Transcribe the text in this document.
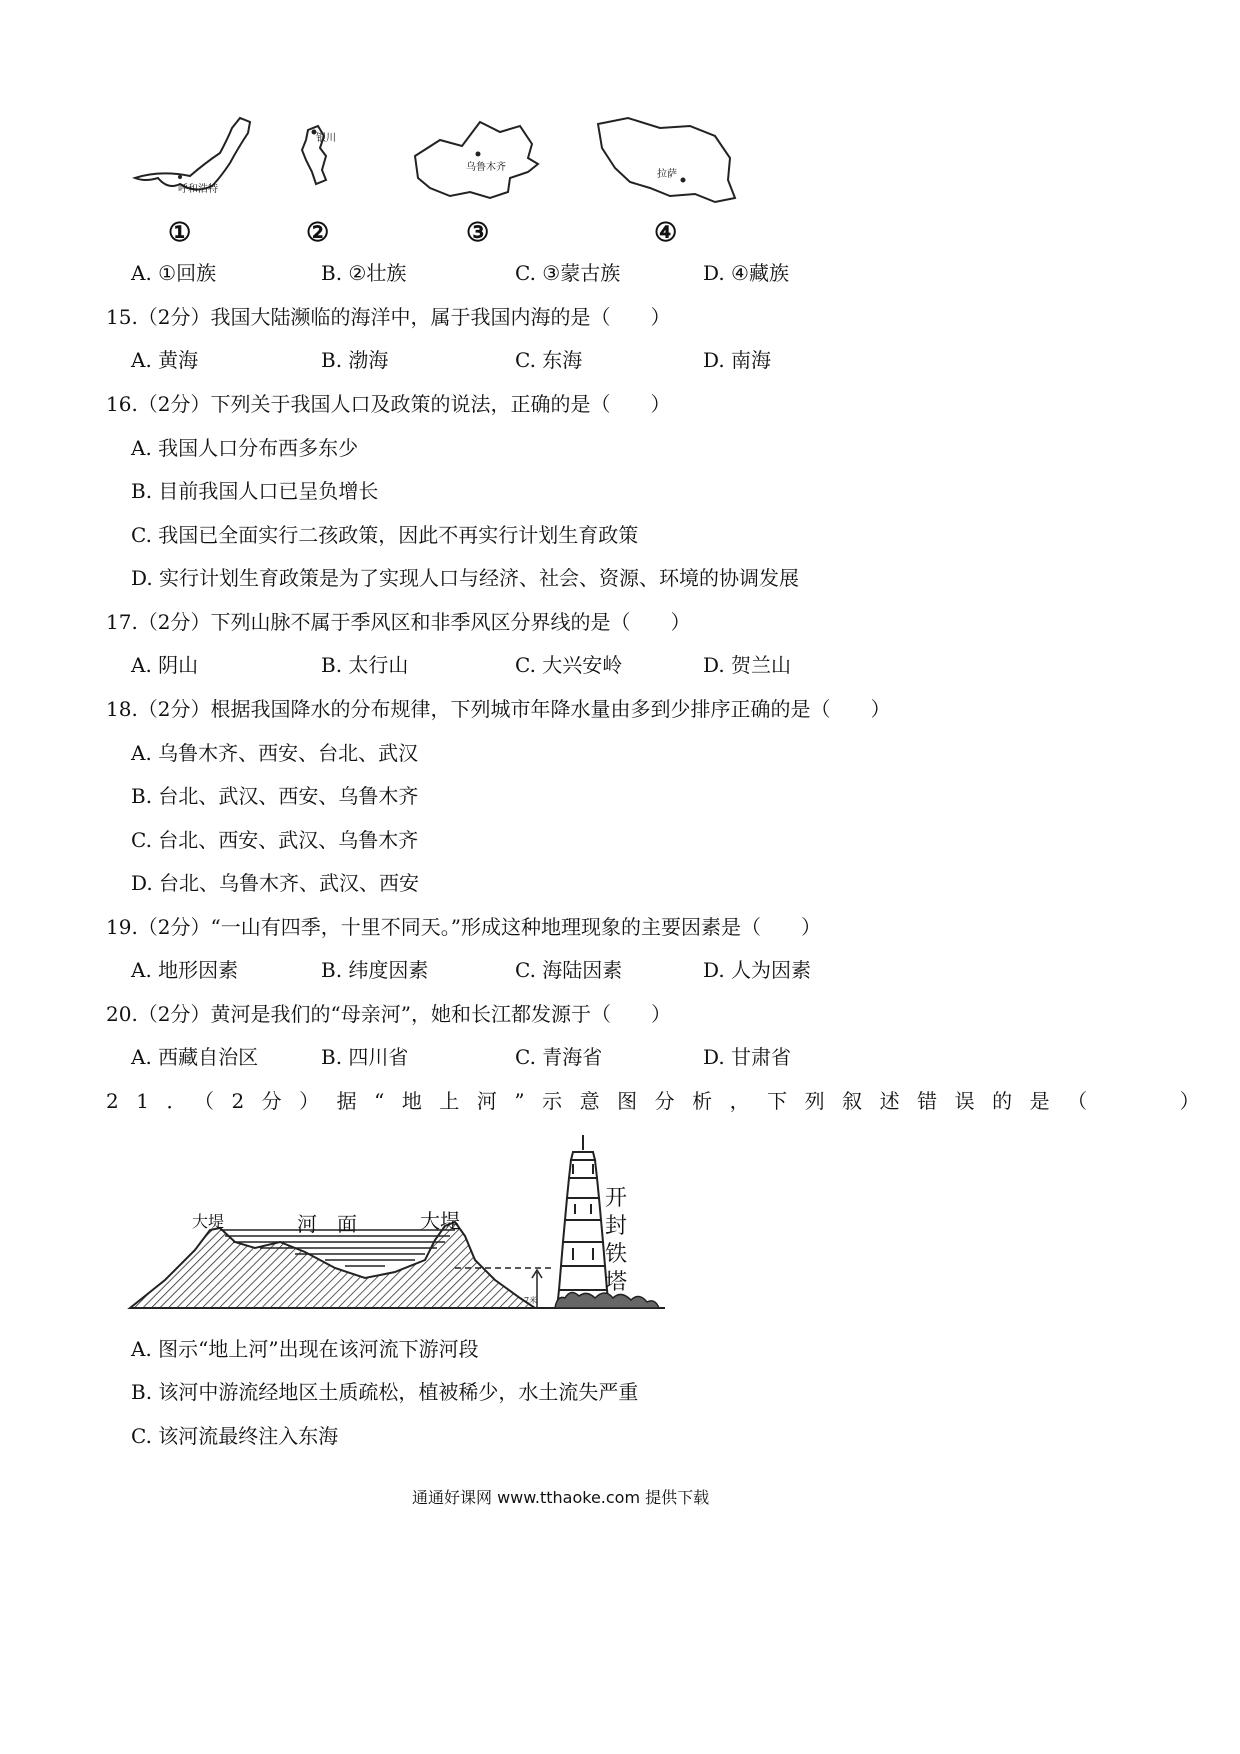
呼和浩特
银川
乌鲁木齐
拉萨
①	②	③	④
A. ①回族	B. ②壮族	C. ③蒙古族	D. ④藏族
15.（2分）我国大陆濒临的海洋中，属于我国内海的是（　　）
A. 黄海	B. 渤海	C. 东海	D. 南海
16.（2分）下列关于我国人口及政策的说法，正确的是（　　）
A. 我国人口分布西多东少
B. 目前我国人口已呈负增长
C. 我国已全面实行二孩政策，因此不再实行计划生育政策
D. 实行计划生育政策是为了实现人口与经济、社会、资源、环境的协调发展
17.（2分）下列山脉不属于季风区和非季风区分界线的是（　　）
A. 阴山	B. 太行山	C. 大兴安岭	D. 贺兰山
18.（2分）根据我国降水的分布规律，下列城市年降水量由多到少排序正确的是（　　）
A. 乌鲁木齐、西安、台北、武汉
B. 台北、武汉、西安、乌鲁木齐
C. 台北、西安、武汉、乌鲁木齐
D. 台北、乌鲁木齐、武汉、西安
19.（2分）“一山有四季，十里不同天。”形成这种地理现象的主要因素是（　　）
A. 地形因素	B. 纬度因素	C. 海陆因素	D. 人为因素
20.（2分）黄河是我们的“母亲河”，她和长江都发源于（　　）
A. 西藏自治区	B. 四川省	C. 青海省	D. 甘肃省
21．（2分）据“地上河”示意图分析，下列叙述错误的是（　　）
大堤	河　面	大堤
开
封
铁
塔
7米
A. 图示“地上河”出现在该河流下游河段
B. 该河中游流经地区土质疏松，植被稀少，水土流失严重
C. 该河流最终注入东海
通通好课网 www.tthaoke.com 提供下载
